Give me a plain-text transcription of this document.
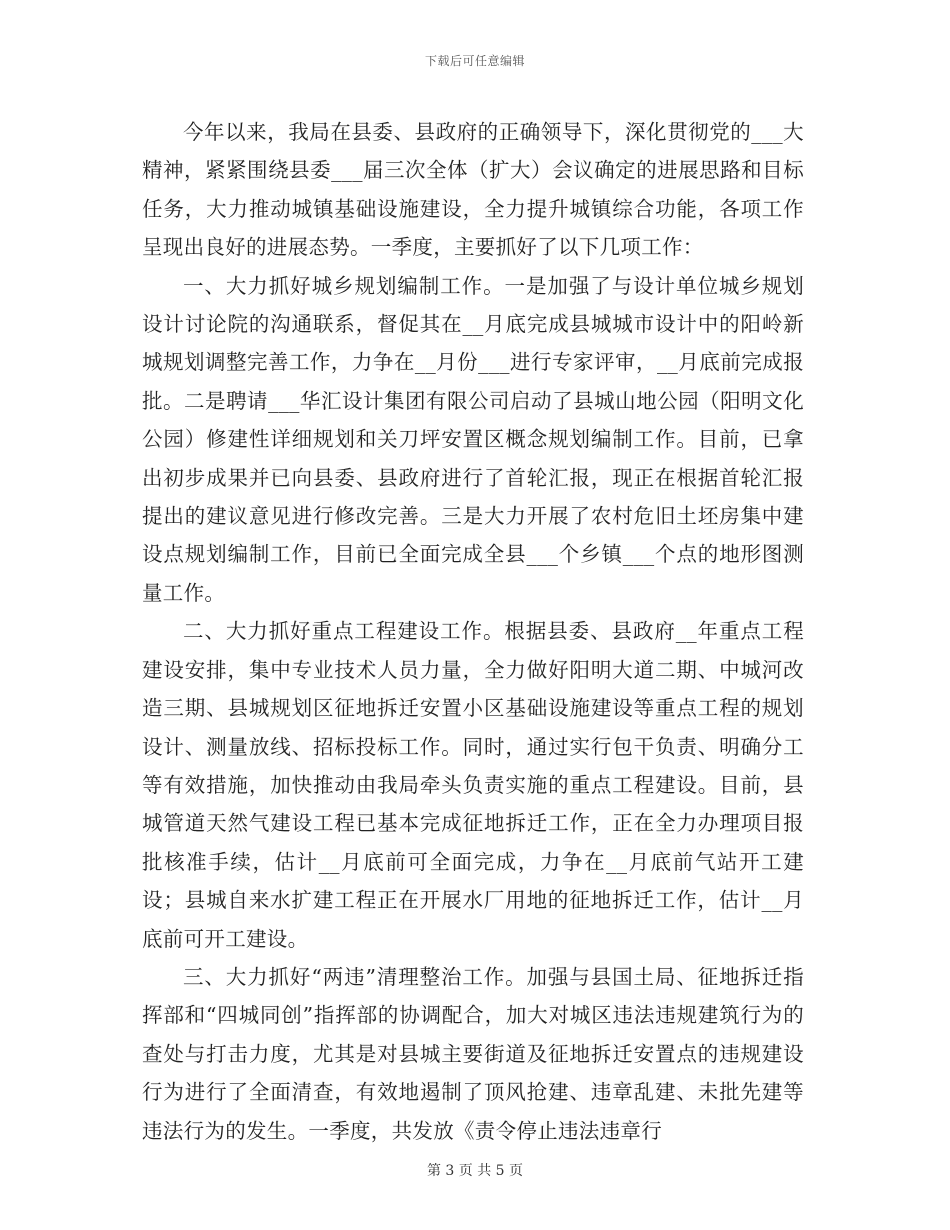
下载后可任意编辑

今年以来，我局在县委、县政府的正确领导下，深化贯彻党的___大精神，紧紧围绕县委___届三次全体（扩大）会议确定的进展思路和目标任务，大力推动城镇基础设施建设，全力提升城镇综合功能，各项工作呈现出良好的进展态势。一季度，主要抓好了以下几项工作：

一、大力抓好城乡规划编制工作。一是加强了与设计单位城乡规划设计讨论院的沟通联系，督促其在__月底完成县城城市设计中的阳岭新城规划调整完善工作，力争在__月份___进行专家评审，__月底前完成报批。二是聘请___华汇设计集团有限公司启动了县城山地公园（阳明文化公园）修建性详细规划和关刀坪安置区概念规划编制工作。目前，已拿出初步成果并已向县委、县政府进行了首轮汇报，现正在根据首轮汇报提出的建议意见进行修改完善。三是大力开展了农村危旧土坯房集中建设点规划编制工作，目前已全面完成全县___个乡镇___个点的地形图测量工作。

二、大力抓好重点工程建设工作。根据县委、县政府__年重点工程建设安排，集中专业技术人员力量，全力做好阳明大道二期、中城河改造三期、县城规划区征地拆迁安置小区基础设施建设等重点工程的规划设计、测量放线、招标投标工作。同时，通过实行包干负责、明确分工等有效措施，加快推动由我局牵头负责实施的重点工程建设。目前，县城管道天然气建设工程已基本完成征地拆迁工作，正在全力办理项目报批核准手续，估计__月底前可全面完成，力争在__月底前气站开工建设；县城自来水扩建工程正在开展水厂用地的征地拆迁工作，估计__月底前可开工建设。

三、大力抓好“两违”清理整治工作。加强与县国土局、征地拆迁指挥部和“四城同创”指挥部的协调配合，加大对城区违法违规建筑行为的查处与打击力度，尤其是对县城主要街道及征地拆迁安置点的违规建设行为进行了全面清查，有效地遏制了顶风抢建、违章乱建、未批先建等违法行为的发生。一季度，共发放《责令停止违法违章行

第 3 页 共 5 页
